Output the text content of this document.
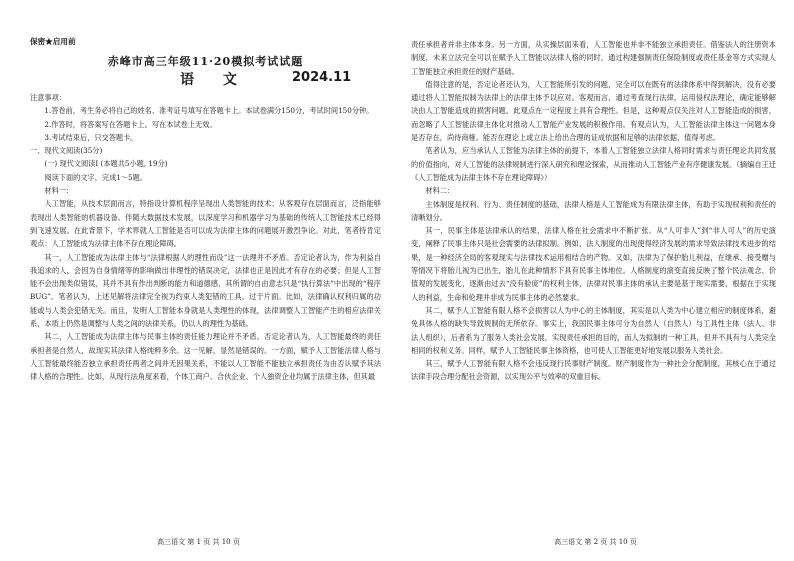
保密★启用前

赤峰市高三年级11·20模拟考试试题

语 文	2024.11

注意事项：

1.答卷前，考生务必将自己的姓名、准考证号填写在答题卡上。本试卷满分150分，考试时间150分钟。

2.作答时，将答案写在答题卡上。写在本试卷上无效。

3.考试结束后，只交答题卡。

一、现代文阅读(35分)

(一) 现代文阅读Ⅰ (本题共5小题, 19分)

阅读下面的文字，完成1～5题。

材料一：

人工智能，从技术层面而言，特指设计算机程序呈现出人类智能的技术；从客观存在层面而言，泛指能够表现出人类智能的机器设备。伴随大数据技术发展，以深度学习和机器学习为基础的传统人工智能技术已经得到飞速发展。在此背景下，学术界就人工智能是否可以成为法律主体的问题展开激烈争论。对此，笔者持肯定观点：人工智能成为法律主体不存在理论障碍。

其一，人工智能成为法律主体与“法律根据人的理性而设”这一法理并不矛盾。否定论者认为，作为利益自我追求的人，会因为自身情绪等的影响做出非理性的错误决定，法律也正是因此才有存在的必要；但是人工智能不会出现类似错误，其并不具有作出判断的能力和道德感，其所谓的自由意志只是“执行算法”中出现的“程序BUG”。笔者认为，上述见解将法律完全视为约束人类犯错的工具，过于片面。比如，法律确认权利归属的功能或与人类会犯错无关。而且，发明人工智能本身就是人类理性的体现，法律调整人工智能产生的相应法律关系，本质上仍然是调整与人类之间的法律关系，仍以人的理性为基础。

其二，人工智能成为法律主体与民事主体的责任能力理论并不矛盾。否定论者认为，人工智能最终的责任承担者是自然人，故现实其法律人格纯粹多余。这一见解，显然是错误的。一方面，赋予人工智能法律人格与人工智能最终能否独立承担责任两者之间并无因果关系，不能以人工智能不能独立承担责任为由否认赋予其法律人格的合理性。比如，从现行法角度来看，个体工商户、合伙企业、个人独资企业均属于法律主体，但其最

高三语文 第 1 页 共 10 页

责任承担者并非主体本身。另一方面，从实操层面来看，人工智能也并非不能独立承担责任。借鉴法人的注册资本制度，未来立法完全可以在赋予人工智能以法律人格的同时，通过构建强制责任保险制度或责任基金等方式实现人工智能独立承担责任的财产基础。

值得注意的是，否定论者还认为，人工智能所引发的问题，完全可以在既有的法律体系中得到解决，没有必要通过将人工智能拟制为法律上的法律主体予以应对。客观而言，通过考查现行法律，运用侵权法理论，确定能够解决由人工智能造成的损害问题，此观点在一定程度上具有合理性。但是，这种观点仅关注对人工智能造成的损害，而忽略了人工智能法律主体化对推动人工智能产业发展的积极作用。有观点认为，人工智能法律主体这一问题本身是否存在，尚待商榷。能否在理论上或立法上给出合理的证成依据和足够的法律依据，值得考虑。

笔者认为，应当承认人工智能为法律主体的前提下，本着人工智能独立法律人格同时需求与责任理论共同发展的价值指向，对人工智能的法律规制进行深入研究和理论探索，从而推动人工智能产业有序健康发展。（摘编自王迁《人工智能成为法律主体不存在理论障碍》）

材料二：

主体制度是权利、行为、责任制度的基础，法律人格是人工智能成为有限法律主体，有助于实现权利和责任的清晰划分。

其一，民事主体是法律承认的结果，法律人格在社会需求中不断扩张。从“人可非人”到“非人可人”的历史演变，阐释了民事主体只是社会需要的法律拟制。例如，法人制度的出现使得经济发展的需求导致法律技术进步的结果，是一种经济全局的客观现实与法律技术运用相结合的产物。又如，法律为了保护胎儿利益，在继承、接受赠与等情况下将胎儿视为已出生，胎儿在此种情形下具有民事主体地位。人格制度的演变直接反映了整个民法观念、价值观的发展变化，逐渐由过去“没有脸庞”的权利主体，法律对民事主体的承认主要是基于现实需要，根据在于实现人的利益，生命和伦理并非成为民事主体的必然要求。

其二，赋予人工智能有限人格不会损害以人为中心的主体制度，其实是以人类为中心建立相应的制度体系，避免具体人格的缺失导致规制的无所依存。事实上，我国民事主体可分为自然人（自然人）与工具性主体（法人、非法人组织），后者系为了服务人类社会发展，实现责任承担的目的，而人为拟制的一种工具，但并不具有与人类完全相同的权利义务。同样，赋予人工智能民事主体资格，也可使人工智能更好地发展以服务人类社会。

其三，赋予人工智能有限人格不会违反现行民事财产制度。财产制度作为一种社会分配制度，其核心在于通过法律手段合理分配社会资源，以实现公平与效率的双重目标。

高三语文 第 2 页 共 10 页
